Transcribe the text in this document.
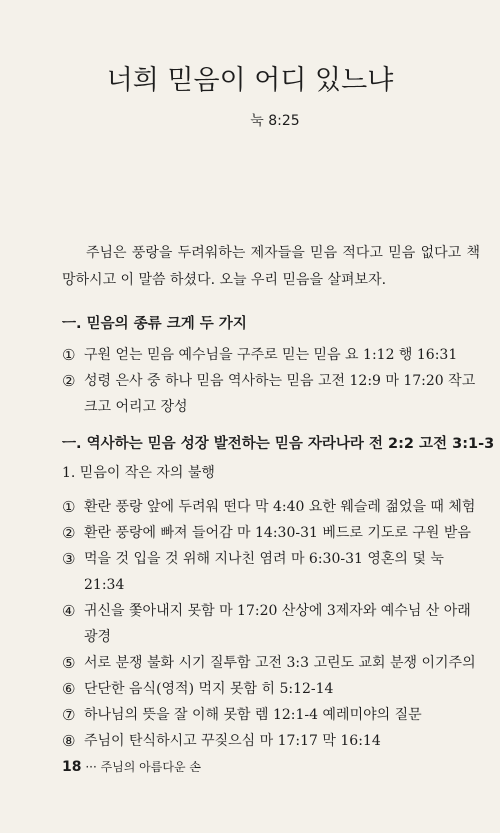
너희 믿음이 어디 있느냐
눅 8:25
주님은 풍랑을 두려워하는 제자들을 믿음 적다고 믿음 없다고 책망하시고 이 말씀 하셨다. 오늘 우리 믿음을 살펴보자.
ㅡ. 믿음의 종류 크게 두 가지
① 구원 얻는 믿음 예수님을 구주로 믿는 믿음 요 1:12 행 16:31
② 성령 은사 중 하나 믿음 역사하는 믿음 고전 12:9 마 17:20 작고 크고 어리고 장성
ㅡ. 역사하는 믿음 성장 발전하는 믿음 자라나라 전 2:2 고전 3:1-3
1. 믿음이 작은 자의 불행
① 환란 풍랑 앞에 두려워 떤다 막 4:40 요한 웨슬레 젊었을 때 체험
② 환란 풍랑에 빠져 들어감 마 14:30-31 베드로 기도로 구원 받음
③ 먹을 것 입을 것 위해 지나친 염려 마 6:30-31 영혼의 덫 눅 21:34
④ 귀신을 쫓아내지 못함 마 17:20 산상에 3제자와 예수님 산 아래 광경
⑤ 서로 분쟁 불화 시기 질투함 고전 3:3 고린도 교회 분쟁 이기주의
⑥ 단단한 음식(영적) 먹지 못함 히 5:12-14
⑦ 하나님의 뜻을 잘 이해 못함 렘 12:1-4 예레미야의 질문
⑧ 주님이 탄식하시고 꾸짖으심 마 17:17 막 16:14
18 ··· 주님의 아름다운 손
